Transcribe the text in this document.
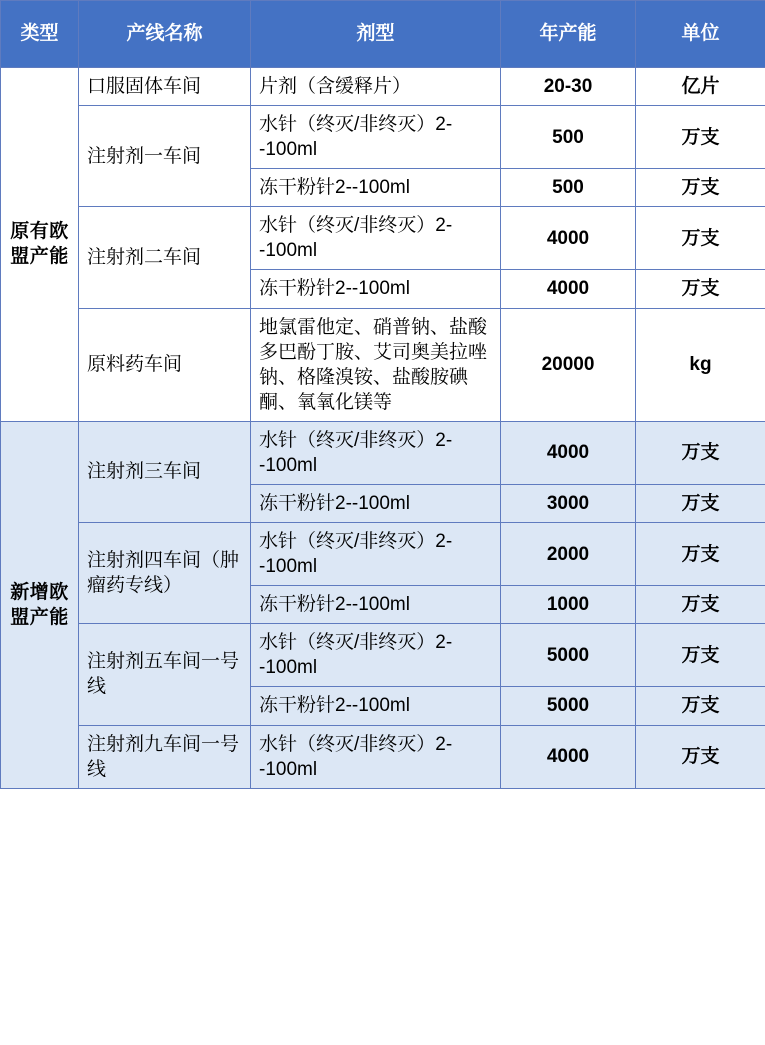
类型	产线名称	剂型	年产能	单位
原有欧盟产能	口服固体车间	片剂（含缓释片）	20-30	亿片
	注射剂一车间	水针（终灭/非终灭）2--100ml	500	万支
		冻干粉针2--100ml	500	万支
	注射剂二车间	水针（终灭/非终灭）2--100ml	4000	万支
		冻干粉针2--100ml	4000	万支
	原料药车间	地氯雷他定、硝普钠、盐酸多巴酚丁胺、艾司奥美拉唑钠、格隆溴铵、盐酸胺碘酮、氧氧化镁等	20000	kg
新增欧盟产能	注射剂三车间	水针（终灭/非终灭）2--100ml	4000	万支
		冻干粉针2--100ml	3000	万支
	注射剂四车间（肿瘤药专线）	水针（终灭/非终灭）2--100ml	2000	万支
		冻干粉针2--100ml	1000	万支
	注射剂五车间一号线	水针（终灭/非终灭）2--100ml	5000	万支
		冻干粉针2--100ml	5000	万支
	注射剂九车间一号线	水针（终灭/非终灭）2--100ml	4000	万支
